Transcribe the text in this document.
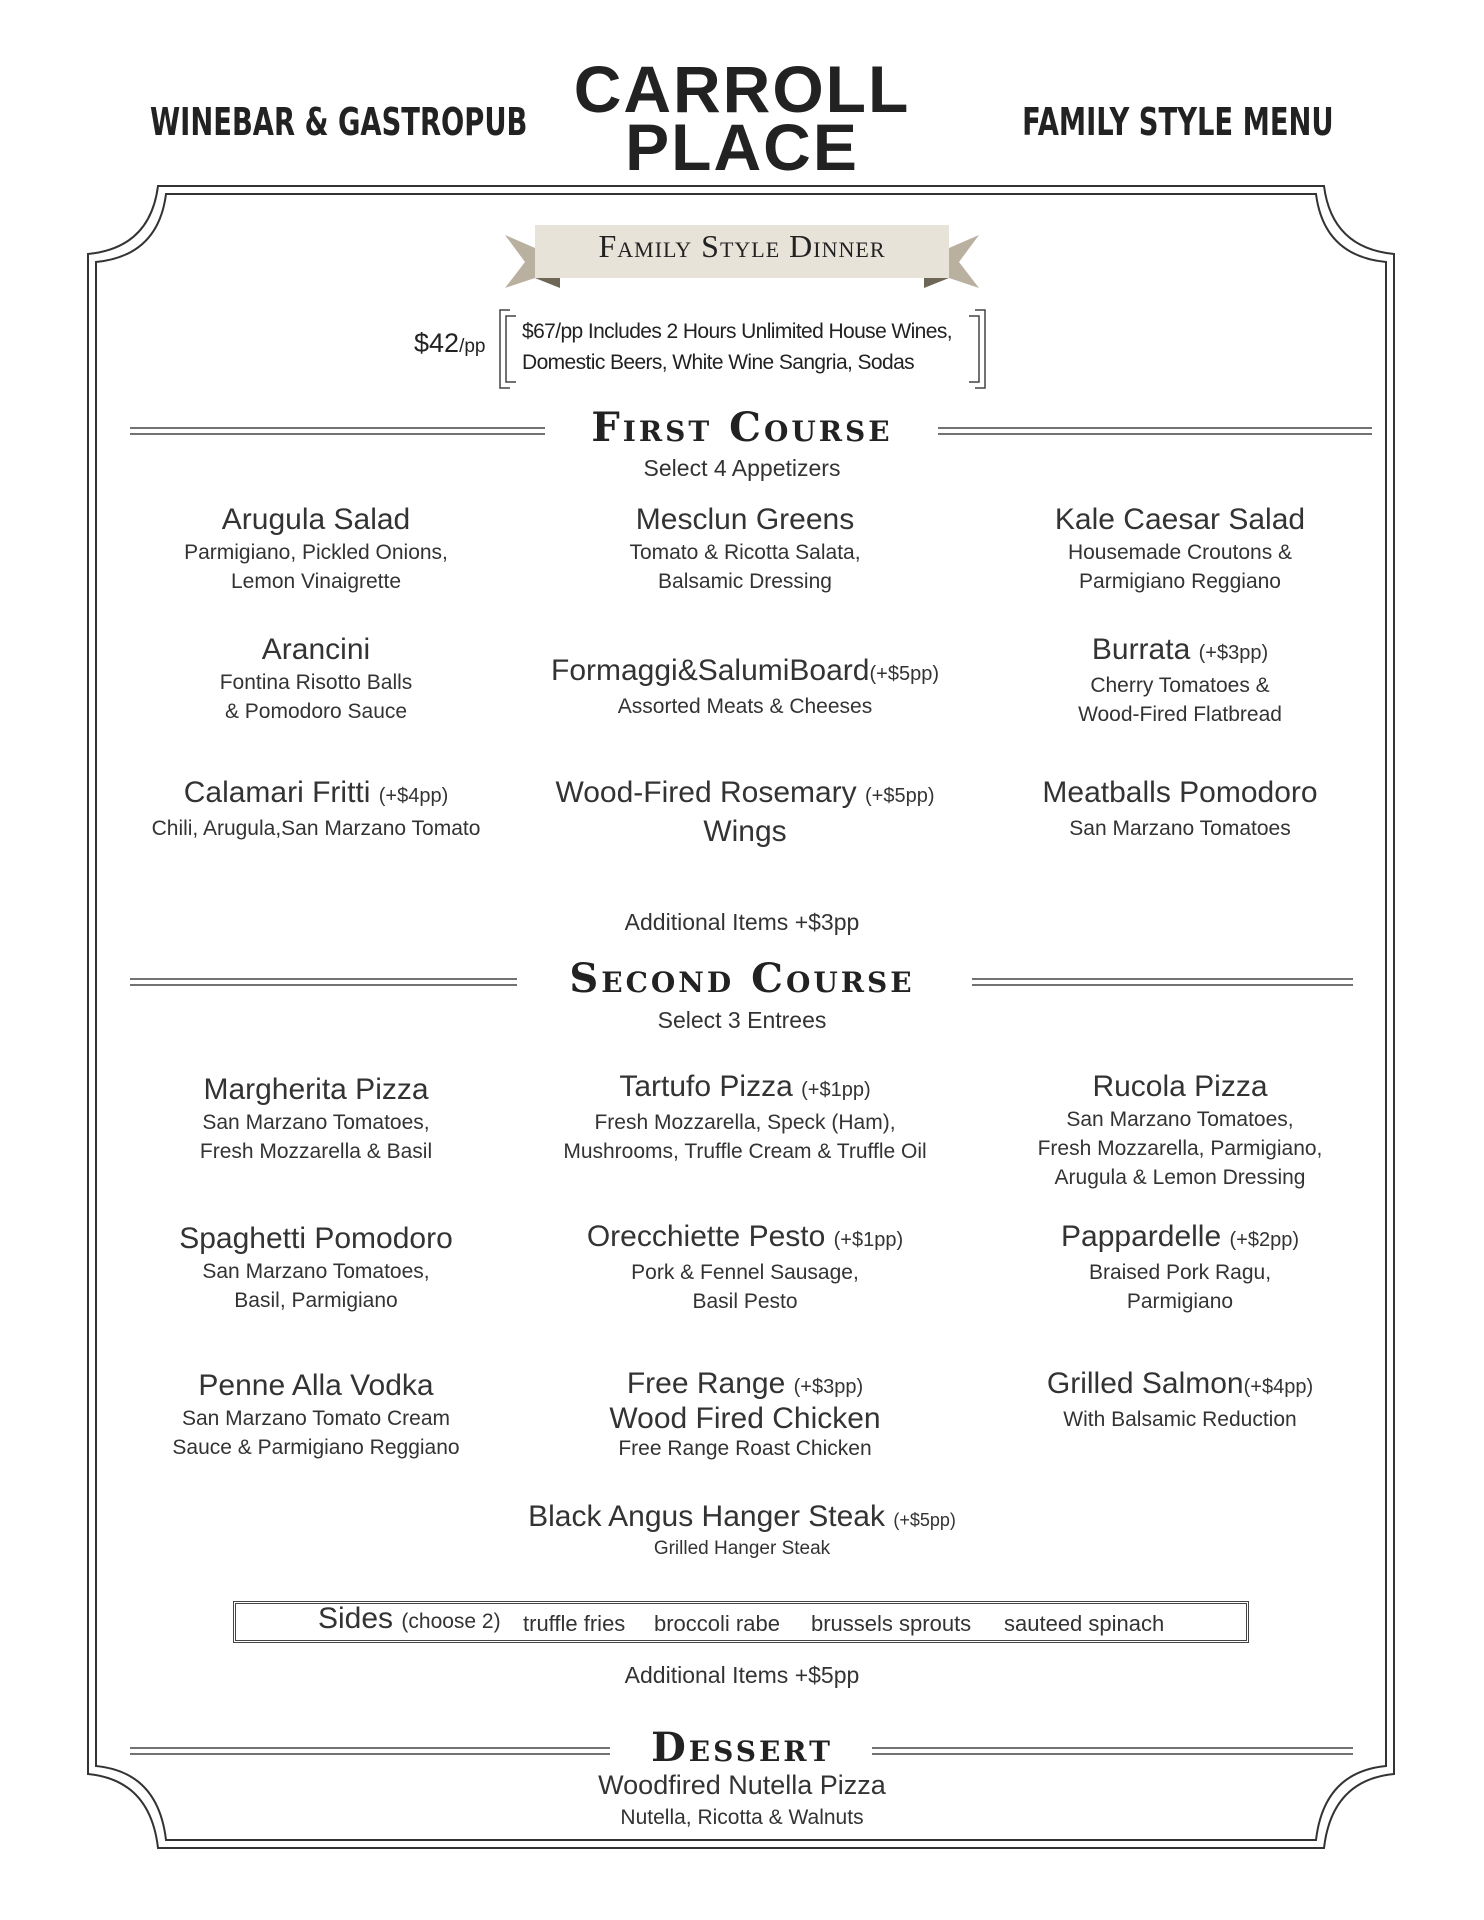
WINEBAR & GASTROPUB	FAMILY STYLE MENU
CARROLL
PLACE
Family Style Dinner
$42/pp
$67/pp Includes 2 Hours Unlimited House Wines,
Domestic Beers, White Wine Sangria, Sodas
First Course
Select 4 Appetizers
Arugula Salad
Parmigiano, Pickled Onions,
Lemon Vinaigrette
Mesclun Greens
Tomato & Ricotta Salata,
Balsamic Dressing
Kale Caesar Salad
Housemade Croutons &
Parmigiano Reggiano
Arancini
Fontina Risotto Balls
& Pomodoro Sauce
Formaggi&SalumiBoard(+$5pp)
Assorted Meats & Cheeses
Burrata (+$3pp)
Cherry Tomatoes &
Wood-Fired Flatbread
Calamari Fritti (+$4pp)
Chili, Arugula,San Marzano Tomato
Wood-Fired Rosemary (+$5pp)
Wings
Meatballs Pomodoro
San Marzano Tomatoes
Additional Items +$3pp
Second Course
Select 3 Entrees
Margherita Pizza
San Marzano Tomatoes,
Fresh Mozzarella & Basil
Tartufo Pizza (+$1pp)
Fresh Mozzarella, Speck (Ham),
Mushrooms, Truffle Cream & Truffle Oil
Rucola Pizza
San Marzano Tomatoes,
Fresh Mozzarella, Parmigiano,
Arugula & Lemon Dressing
Spaghetti Pomodoro
San Marzano Tomatoes,
Basil, Parmigiano
Orecchiette Pesto (+$1pp)
Pork & Fennel Sausage,
Basil Pesto
Pappardelle (+$2pp)
Braised Pork Ragu,
Parmigiano
Penne Alla Vodka
San Marzano Tomato Cream
Sauce & Parmigiano Reggiano
Free Range (+$3pp)
Wood Fired Chicken
Free Range Roast Chicken
Grilled Salmon(+$4pp)
With Balsamic Reduction
Black Angus Hanger Steak (+$5pp)
Grilled Hanger Steak
Sides (choose 2) truffle fries broccoli rabe brussels sprouts sauteed spinach
Additional Items +$5pp
Dessert
Woodfired Nutella Pizza
Nutella, Ricotta & Walnuts
